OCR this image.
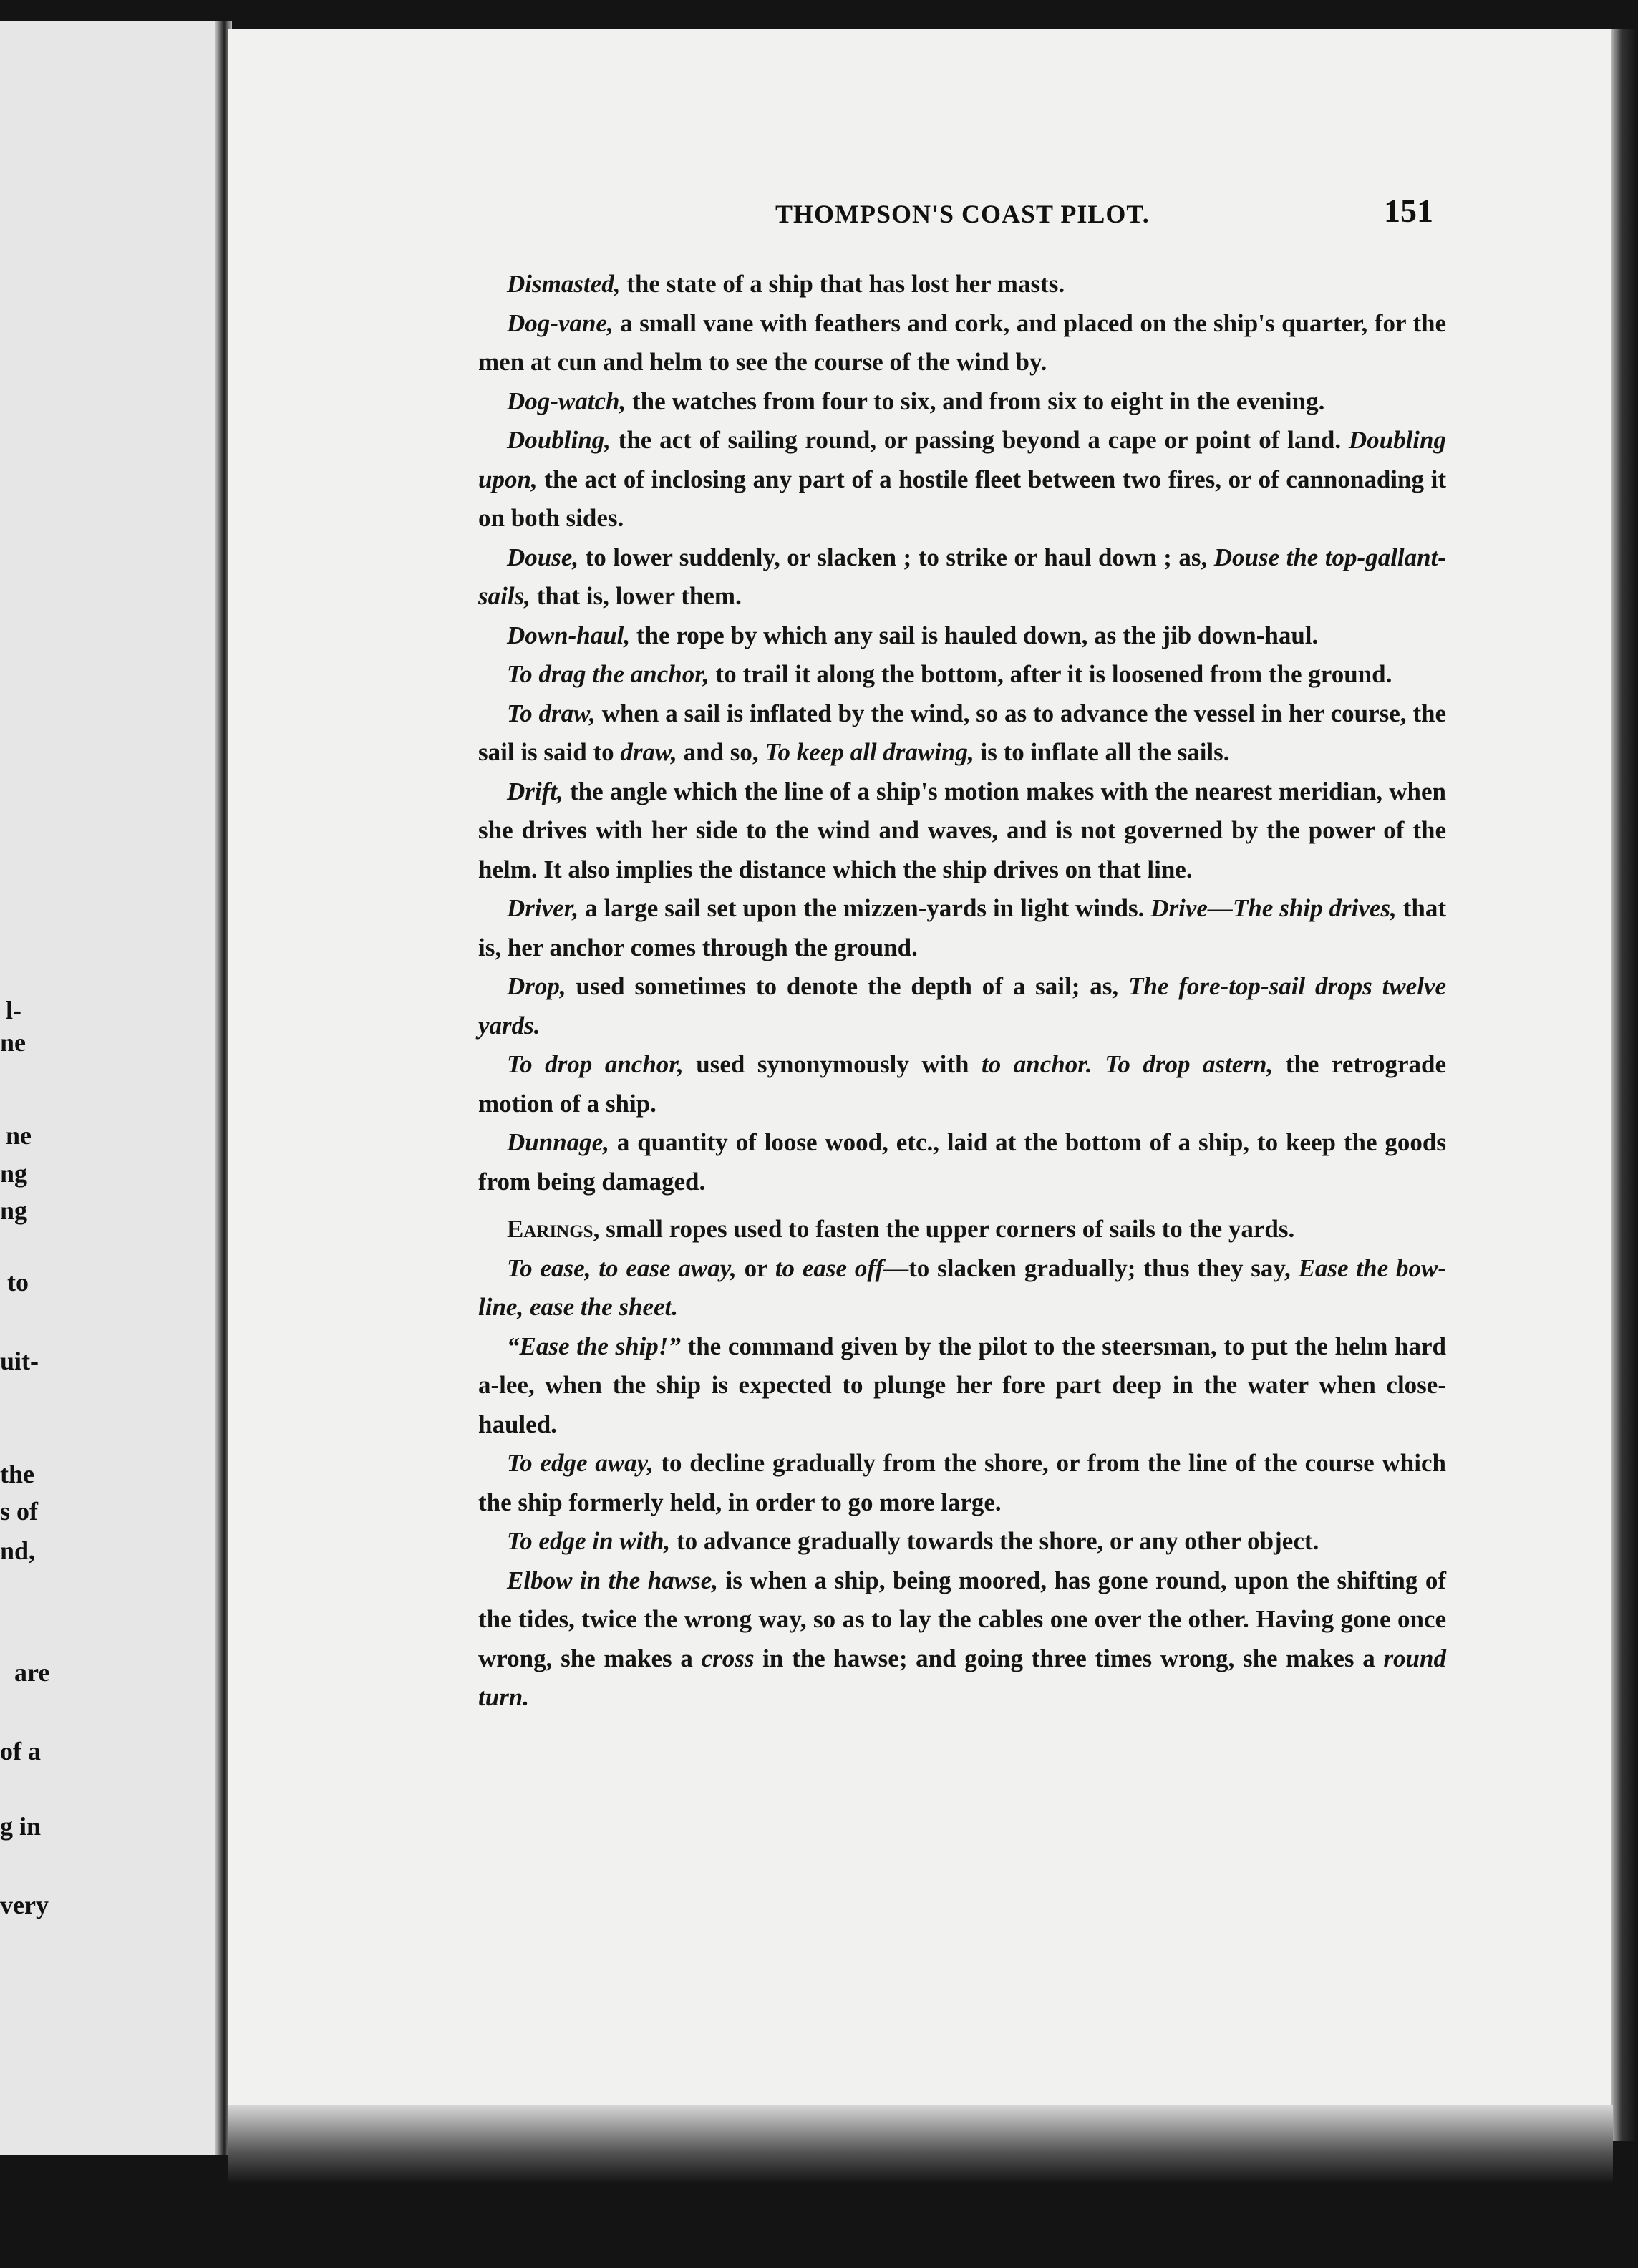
l-
ne
ne
ng
ng
to
uit-
the
s of
nd,
are
of a
g in
very
THOMPSON'S COAST PILOT.	151

Dismasted, the state of a ship that has lost her masts.

Dog-vane, a small vane with feathers and cork, and placed on the ship's quarter, for the men at cun and helm to see the course of the wind by.

Dog-watch, the watches from four to six, and from six to eight in the evening.

Doubling, the act of sailing round, or passing beyond a cape or point of land. Doubling upon, the act of inclosing any part of a hostile fleet between two fires, or of cannonading it on both sides.

Douse, to lower suddenly, or slacken ; to strike or haul down ; as, Douse the top-gallant-sails, that is, lower them.

Down-haul, the rope by which any sail is hauled down, as the jib down-haul.

To drag the anchor, to trail it along the bottom, after it is loosened from the ground.

To draw, when a sail is inflated by the wind, so as to advance the vessel in her course, the sail is said to draw, and so, To keep all drawing, is to inflate all the sails.

Drift, the angle which the line of a ship's motion makes with the nearest meridian, when she drives with her side to the wind and waves, and is not governed by the power of the helm. It also implies the distance which the ship drives on that line.

Driver, a large sail set upon the mizzen-yards in light winds. Drive—The ship drives, that is, her anchor comes through the ground.

Drop, used sometimes to denote the depth of a sail; as, The fore-top-sail drops twelve yards.

To drop anchor, used synonymously with to anchor. To drop astern, the retrograde motion of a ship.

Dunnage, a quantity of loose wood, etc., laid at the bottom of a ship, to keep the goods from being damaged.

Earings, small ropes used to fasten the upper corners of sails to the yards.

To ease, to ease away, or to ease off—to slacken gradually; thus they say, Ease the bow-line, ease the sheet.

“Ease the ship!” the command given by the pilot to the steersman, to put the helm hard a-lee, when the ship is expected to plunge her fore part deep in the water when close-hauled.

To edge away, to decline gradually from the shore, or from the line of the course which the ship formerly held, in order to go more large.

To edge in with, to advance gradually towards the shore, or any other object.

Elbow in the hawse, is when a ship, being moored, has gone round, upon the shifting of the tides, twice the wrong way, so as to lay the cables one over the other. Having gone once wrong, she makes a cross in the hawse; and going three times wrong, she makes a round turn.
